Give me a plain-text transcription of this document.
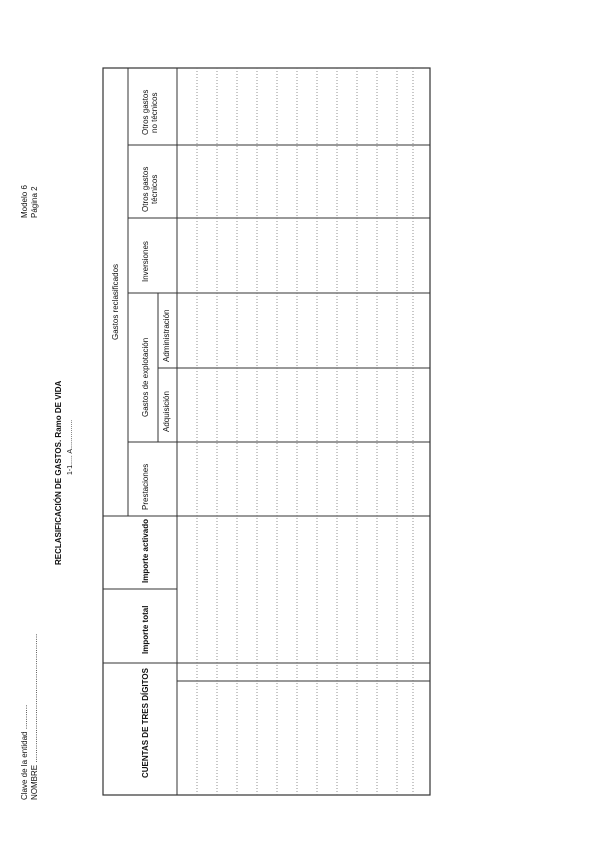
Clave de la entidad ...........
NOMBRE ..........................................................
Modelo 6 Página 2
RECLASIFICACIÓN DE GASTOS. Ramo DE VIDA 1-1..... A...............
CUENTAS DE TRES DÍGITOS
Importe total
Importe activado
Gastos reclasificados
Prestaciones
Gastos de explotación Adquisición
Administración
Inversiones
Otros gastos técnicos
Otros gastos no técnicos
